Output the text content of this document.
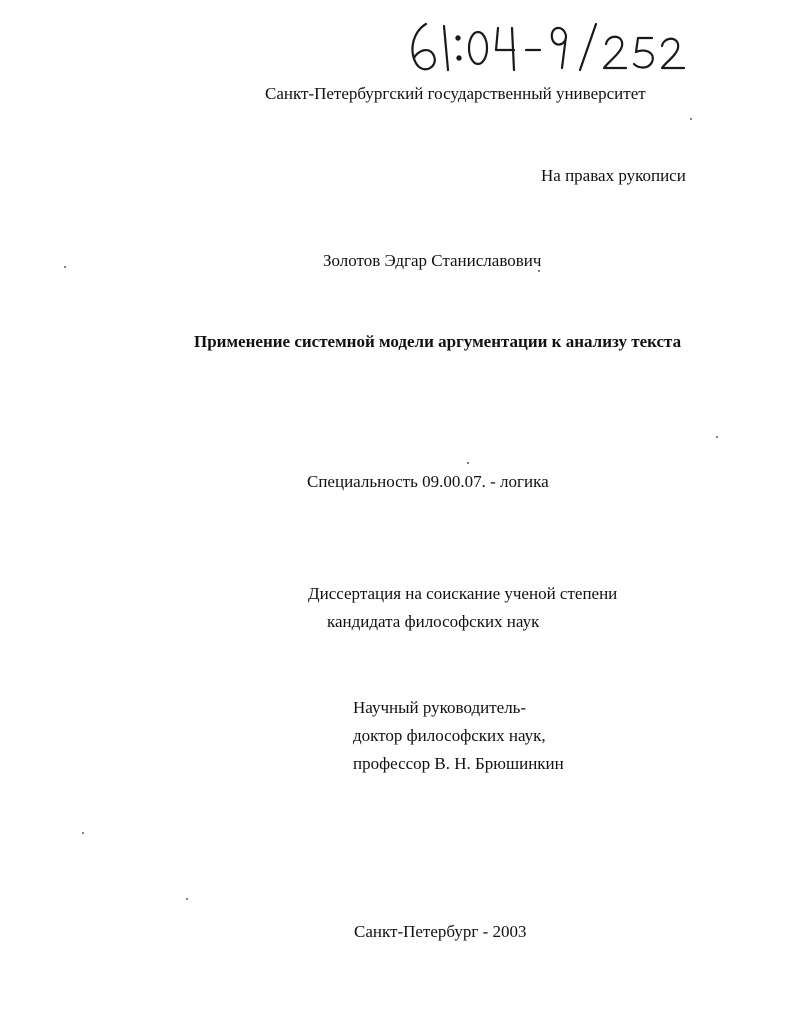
Санкт-Петербургский государственный университет
На правах рукописи
Золотов Эдгар Станиславович
Применение системной модели аргументации к анализу текста
Специальность 09.00.07. - логика
Диссертация на соискание ученой степени
кандидата философских наук
Научный руководитель-
доктор философских наук,
профессор В. Н. Брюшинкин
Санкт-Петербург - 2003
